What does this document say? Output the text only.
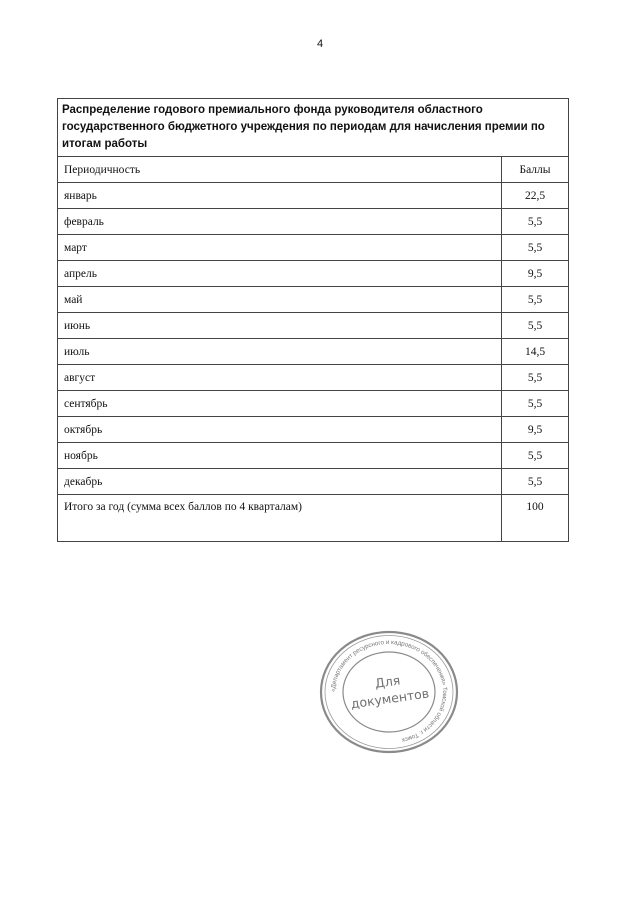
4
Распределение годового премиального фонда руководителя областного государственного бюджетного учреждения по периодам для начисления премии по итогам работы	
Периодичность	Баллы
январь	22,5
февраль	5,5
март	5,5
апрель	9,5
май	5,5
июнь	5,5
июль	14,5
август	5,5
сентябрь	5,5
октябрь	9,5
ноябрь	5,5
декабрь	5,5
Итого за год (сумма всех баллов по 4 кварталам)	100
«Департамент ресурсного и кадрового обеспечения» Томской области г. Томск
Для
документов
